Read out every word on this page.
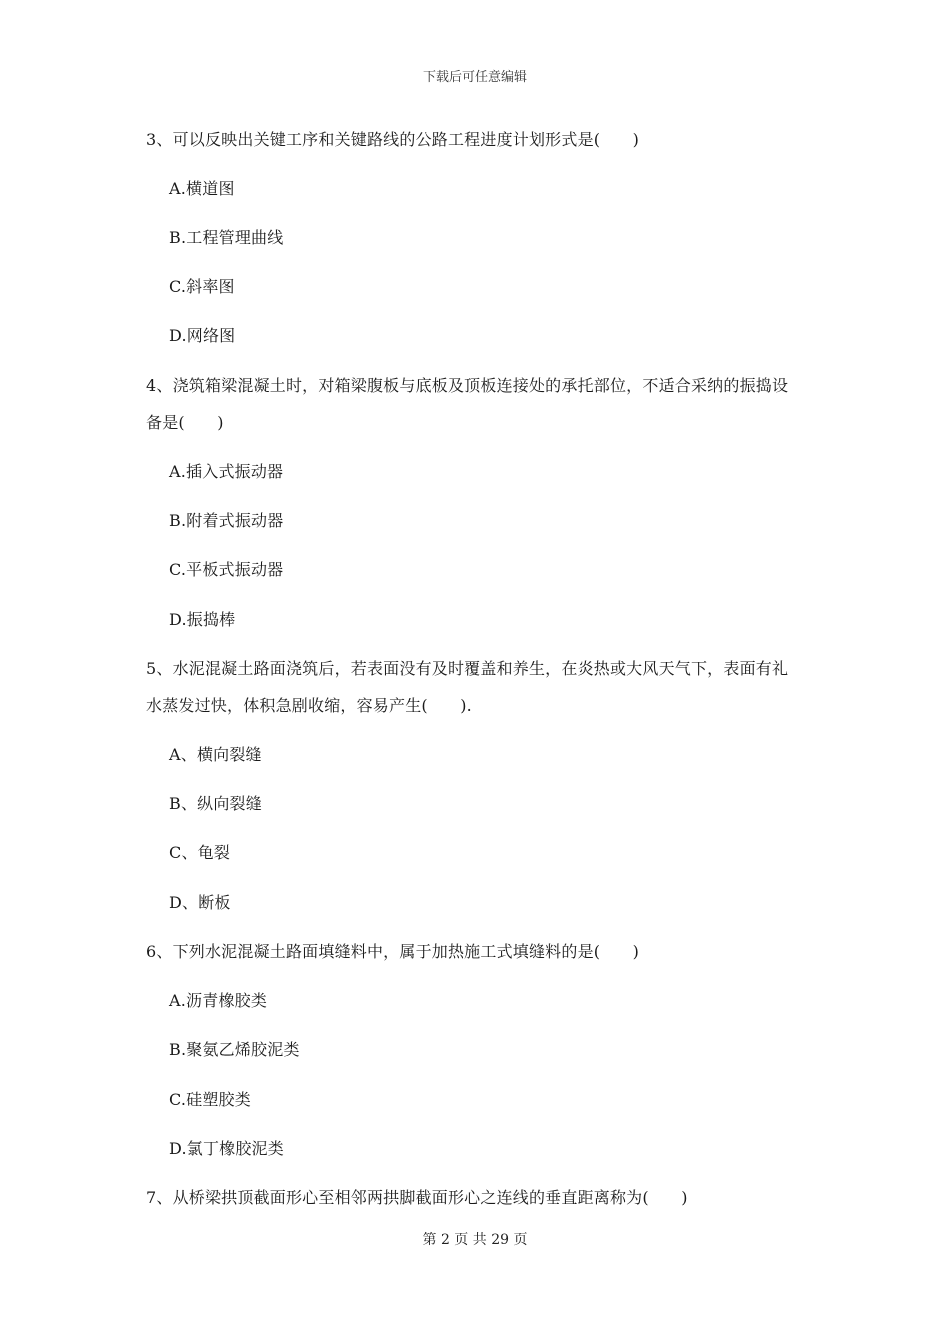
下载后可任意编辑
3、可以反映出关键工序和关键路线的公路工程进度计划形式是(　　)
A.横道图
B.工程管理曲线
C.斜率图
D.网络图
4、浇筑箱梁混凝土时，对箱梁腹板与底板及顶板连接处的承托部位，不适合采纳的振捣设
备是(　　)
A.插入式振动器
B.附着式振动器
C.平板式振动器
D.振捣棒
5、水泥混凝土路面浇筑后，若表面没有及时覆盖和养生，在炎热或大风天气下，表面有礼
水蒸发过快，体积急剧收缩，容易产生(　　).
A、横向裂缝
B、纵向裂缝
C、龟裂
D、断板
6、下列水泥混凝土路面填缝料中，属于加热施工式填缝料的是(　　)
A.沥青橡胶类
B.聚氨乙烯胶泥类
C.硅塑胶类
D.氯丁橡胶泥类
7、从桥梁拱顶截面形心至相邻两拱脚截面形心之连线的垂直距离称为(　　)
第 2 页 共 29 页
